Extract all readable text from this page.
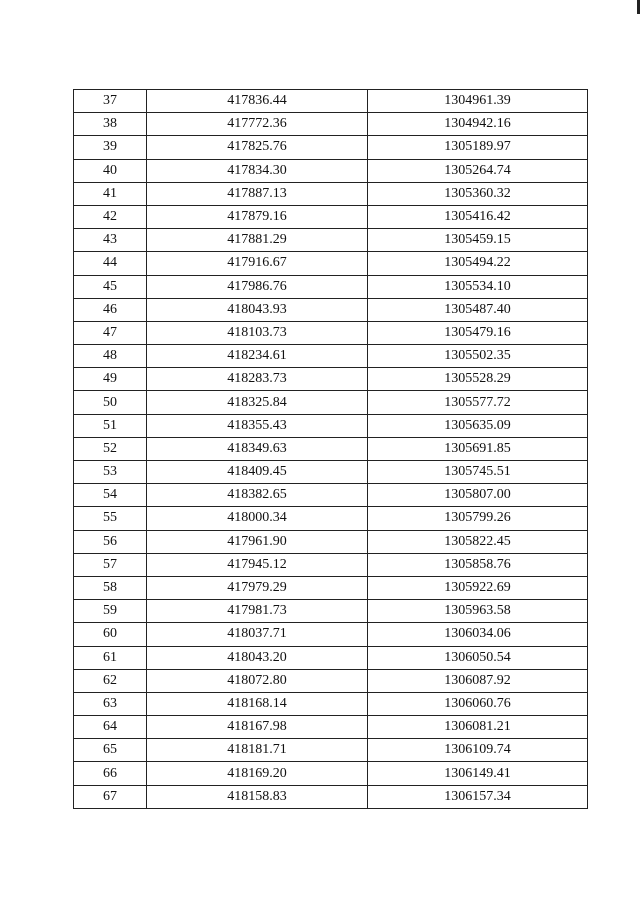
37	417836.44	1304961.39
38	417772.36	1304942.16
39	417825.76	1305189.97
40	417834.30	1305264.74
41	417887.13	1305360.32
42	417879.16	1305416.42
43	417881.29	1305459.15
44	417916.67	1305494.22
45	417986.76	1305534.10
46	418043.93	1305487.40
47	418103.73	1305479.16
48	418234.61	1305502.35
49	418283.73	1305528.29
50	418325.84	1305577.72
51	418355.43	1305635.09
52	418349.63	1305691.85
53	418409.45	1305745.51
54	418382.65	1305807.00
55	418000.34	1305799.26
56	417961.90	1305822.45
57	417945.12	1305858.76
58	417979.29	1305922.69
59	417981.73	1305963.58
60	418037.71	1306034.06
61	418043.20	1306050.54
62	418072.80	1306087.92
63	418168.14	1306060.76
64	418167.98	1306081.21
65	418181.71	1306109.74
66	418169.20	1306149.41
67	418158.83	1306157.34
